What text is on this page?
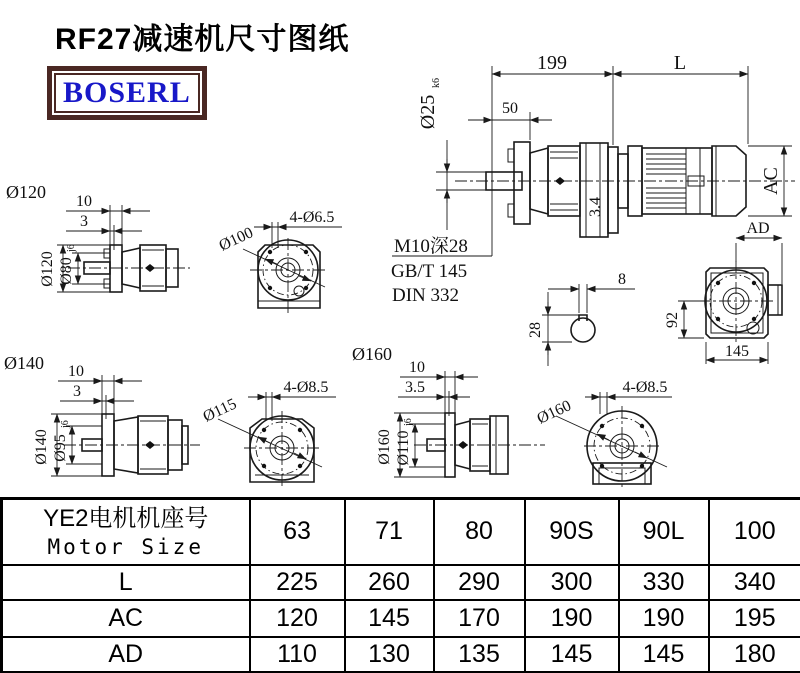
RF27减速机尺寸图纸
BOSERL
3.4
199	L
50
Ø25
k6
AC
AD
M10深28
GB/T 145
DIN 332
8
28
92
145
Ø120 10
3
Ø120 Ø80
j6
4-Ø6.5
Ø100
Ø140 10
3
Ø140 Ø95
j6
4-Ø8.5
Ø115
Ø160
10
3.5
Ø160 Ø110
j6
4-Ø8.5
Ø160
YE2电机机座号
Motor Size	63	71	80	90S	90L	100
L	225	260	290	300	330	340
AC	120	145	170	190	190	195
AD	110	130	135	145	145	180
